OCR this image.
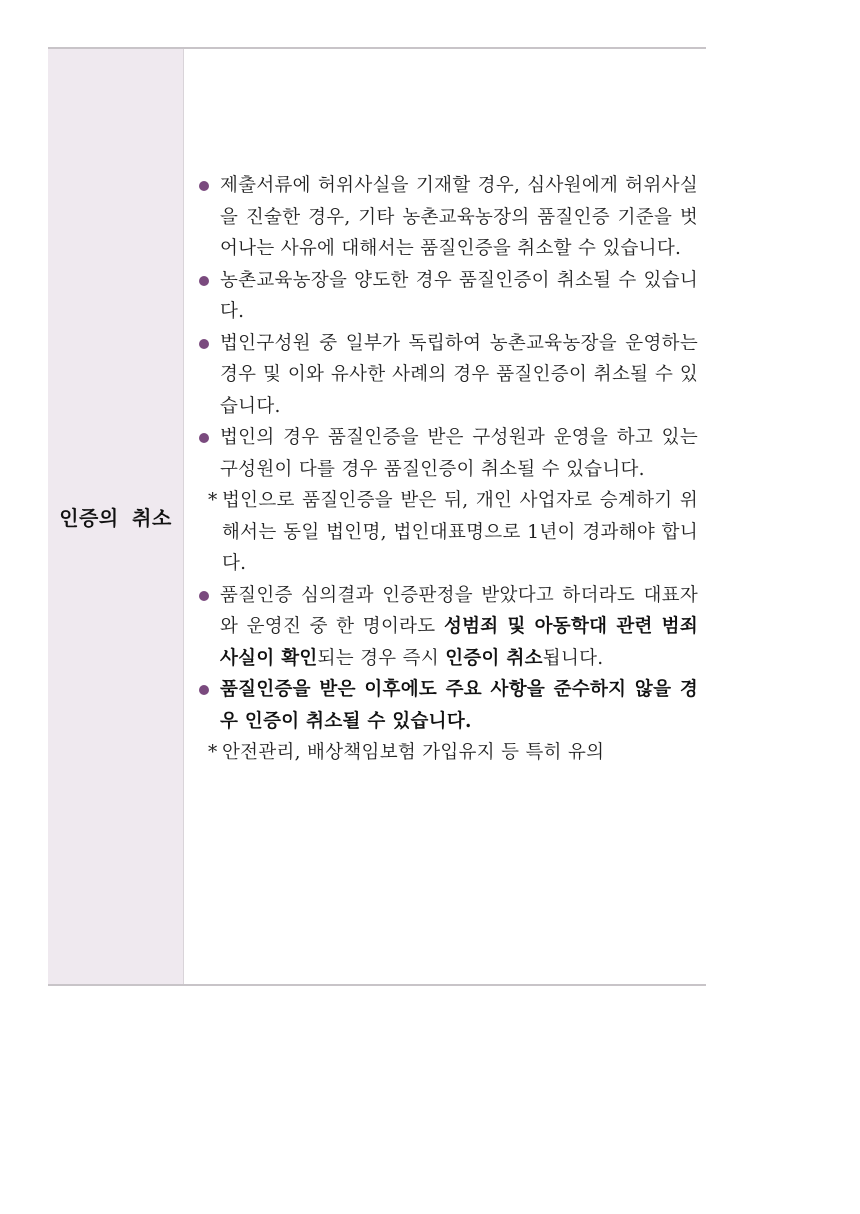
인증의 취소
제출서류에 허위사실을 기재할 경우, 심사원에게 허위사실을 진술한 경우, 기타 농촌교육농장의 품질인증 기준을 벗어나는 사유에 대해서는 품질인증을 취소할 수 있습니다.
농촌교육농장을 양도한 경우 품질인증이 취소될 수 있습니다.
법인구성원 중 일부가 독립하여 농촌교육농장을 운영하는 경우 및 이와 유사한 사례의 경우 품질인증이 취소될 수 있습니다.
법인의 경우 품질인증을 받은 구성원과 운영을 하고 있는 구성원이 다를 경우 품질인증이 취소될 수 있습니다.
* 법인으로 품질인증을 받은 뒤, 개인 사업자로 승계하기 위해서는 동일 법인명, 법인대표명으로 1년이 경과해야 합니다.
품질인증 심의결과 인증판정을 받았다고 하더라도 대표자와 운영진 중 한 명이라도 성범죄 및 아동학대 관련 범죄 사실이 확인되는 경우 즉시 인증이 취소됩니다.
품질인증을 받은 이후에도 주요 사항을 준수하지 않을 경우 인증이 취소될 수 있습니다.
* 안전관리, 배상책임보험 가입유지 등 특히 유의
